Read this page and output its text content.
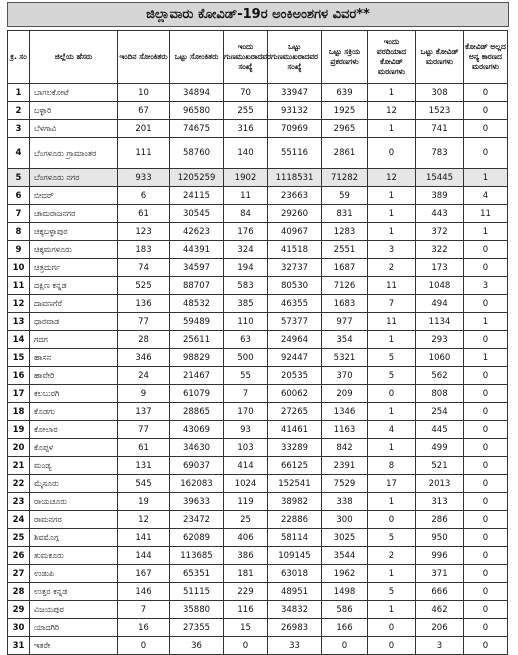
ಜಿಲ್ಲಾವಾರು ಕೋವಿಡ್-19ರ ಅಂಕಿಅಂಶಗಳ ವಿವರ**
ಕ್ರ. ಸಂ	ಜಿಲ್ಲೆಯ ಹೆಸರು	ಇಂದಿನ ಸೋಂಕಿತರು	ಒಟ್ಟು ಸೋಂಕಿತರು	ಇಂದು ಗುಣಮುಖರಾದವರ ಸಂಖ್ಯೆ	ಒಟ್ಟು ಗುಣಮುಖರಾದವರ ಸಂಖ್ಯೆ	ಒಟ್ಟು ಸಕ್ರಿಯ ಪ್ರಕರಣಗಳು	ಇಂದು ವರದಿಯಾದ ಕೋವಿಡ್ ಮರಣಗಳು	ಒಟ್ಟು ಕೋವಿಡ್ ಮರಣಗಳು	ಕೋವಿಡ್ ಅಲ್ಲದ ಅನ್ಯ ಕಾರಣದ ಮರಣಗಳು
1	ಬಾಗಲಕೋಟೆ	10	34894	70	33947	639	1	308	0
2	ಬಳ್ಳಾರಿ	67	96580	255	93132	1925	12	1523	0
3	ಬೆಳಗಾವಿ	201	74675	316	70969	2965	1	741	0
4	ಬೆಂಗಳೂರು ಗ್ರಾಮಾಂತರ	111	58760	140	55116	2861	0	783	0
5	ಬೆಂಗಳೂರು ನಗರ	933	1205259	1902	1118531	71282	12	15445	1
6	ಬೀದರ್	6	24115	11	23663	59	1	389	4
7	ಚಾಮರಾಜನಗರ	61	30545	84	29260	831	1	443	11
8	ಚಿಕ್ಕಬಳ್ಳಾಪುರ	123	42623	176	40967	1283	1	372	1
9	ಚಿಕ್ಕಮಗಳೂರು	183	44391	324	41518	2551	3	322	0
10	ಚಿತ್ರದುರ್ಗ	74	34597	194	32737	1687	2	173	0
11	ದಕ್ಷಿಣ ಕನ್ನಡ	525	88707	583	80530	7126	11	1048	3
12	ದಾವಣಗೆರೆ	136	48532	385	46355	1683	7	494	0
13	ಧಾರವಾಡ	77	59489	110	57377	977	11	1134	1
14	ಗದಗ	28	25611	63	24964	354	1	293	0
15	ಹಾಸನ	346	98829	500	92447	5321	5	1060	1
16	ಹಾವೇರಿ	24	21467	55	20535	370	5	562	0
17	ಕಲಬುರಗಿ	9	61079	7	60062	209	0	808	0
18	ಕೊಡಗು	137	28865	170	27265	1346	1	254	0
19	ಕೋಲಾರ	77	43069	93	41461	1163	4	445	0
20	ಕೊಪ್ಪಳ	61	34630	103	33289	842	1	499	0
21	ಮಂಡ್ಯ	131	69037	414	66125	2391	8	521	0
22	ಮೈಸೂರು	545	162083	1024	152541	7529	17	2013	0
23	ರಾಯಚೂರು	19	39633	119	38982	338	1	313	0
24	ರಾಮನಗರ	12	23472	25	22886	300	0	286	0
25	ಶಿವಮೊಗ್ಗ	141	62089	406	58114	3025	5	950	0
26	ತುಮಕೂರು	144	113685	386	109145	3544	2	996	0
27	ಉಡುಪಿ	167	65351	181	63018	1962	1	371	0
28	ಉತ್ತರ ಕನ್ನಡ	146	51115	229	48951	1498	5	666	0
29	ವಿಜಯಪುರ	7	35880	116	34832	586	1	462	0
30	ಯಾದಗಿರಿ	16	27355	15	26983	166	0	206	0
31	ಇತರೇ	0	36	0	33	0	0	3	0
